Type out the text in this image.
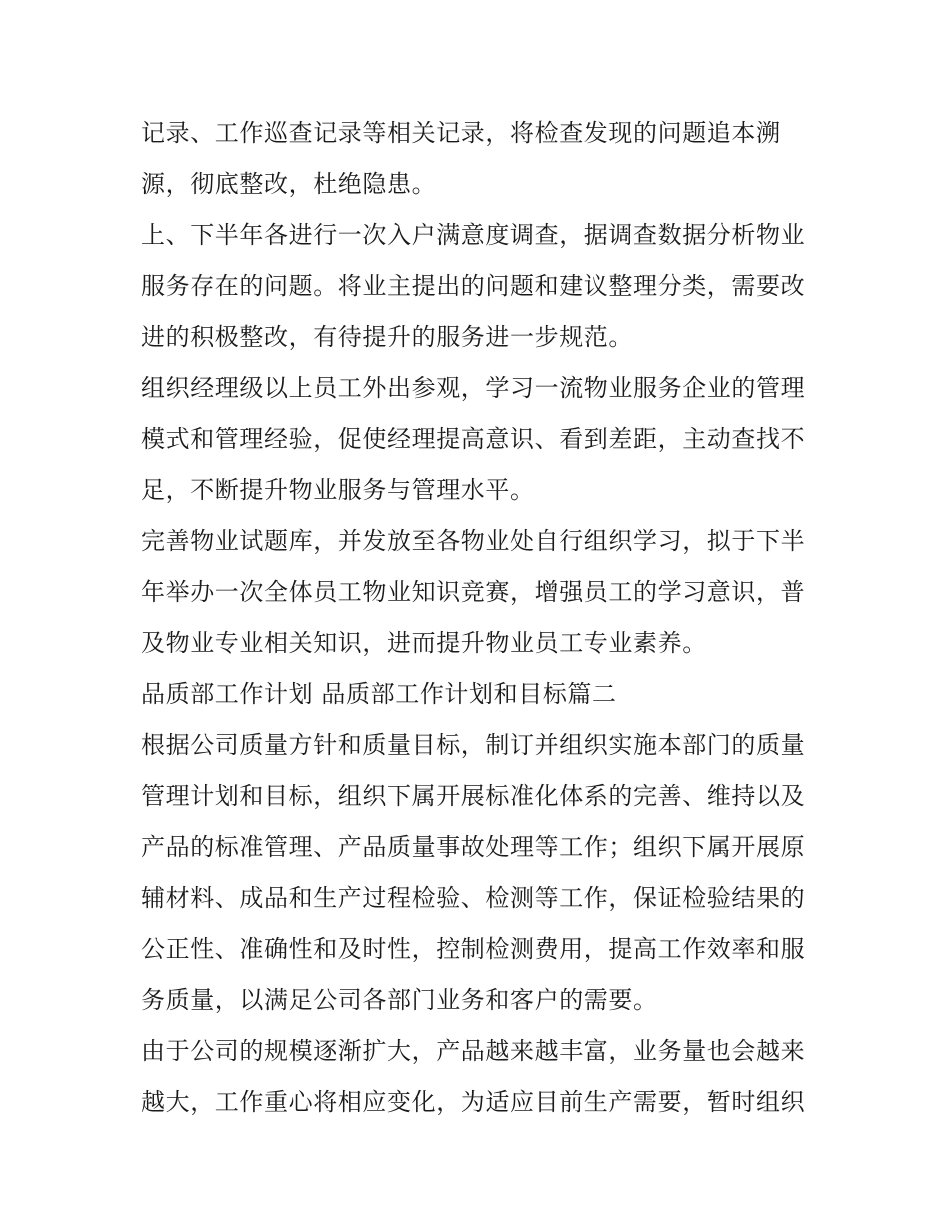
记录、工作巡查记录等相关记录，将检查发现的问题追本溯
源，彻底整改，杜绝隐患。
上、下半年各进行一次入户满意度调查，据调查数据分析物业
服务存在的问题。将业主提出的问题和建议整理分类，需要改
进的积极整改，有待提升的服务进一步规范。
组织经理级以上员工外出参观，学习一流物业服务企业的管理
模式和管理经验，促使经理提高意识、看到差距，主动查找不
足，不断提升物业服务与管理水平。
完善物业试题库，并发放至各物业处自行组织学习，拟于下半
年举办一次全体员工物业知识竞赛，增强员工的学习意识，普
及物业专业相关知识，进而提升物业员工专业素养。
品质部工作计划 品质部工作计划和目标篇二
根据公司质量方针和质量目标，制订并组织实施本部门的质量
管理计划和目标，组织下属开展标准化体系的完善、维持以及
产品的标准管理、产品质量事故处理等工作；组织下属开展原
辅材料、成品和生产过程检验、检测等工作，保证检验结果的
公正性、准确性和及时性，控制检测费用，提高工作效率和服
务质量，以满足公司各部门业务和客户的需要。
由于公司的规模逐渐扩大，产品越来越丰富，业务量也会越来
越大，工作重心将相应变化，为适应目前生产需要，暂时组织
